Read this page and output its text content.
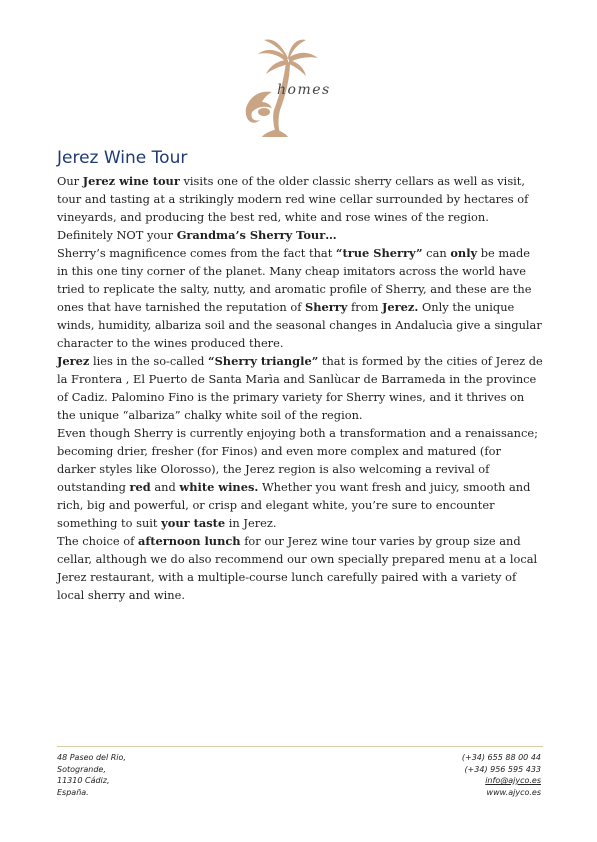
homes
Jerez Wine Tour

Our Jerez wine tour visits one of the older classic sherry cellars as well as visit, tour and tasting at a strikingly modern red wine cellar surrounded by hectares of vineyards, and producing the best red, white and rose wines of the region. Definitely NOT your Grandma’s Sherry Tour…

Sherry’s magnificence comes from the fact that “true Sherry” can only be made in this one tiny corner of the planet. Many cheap imitators across the world have tried to replicate the salty, nutty, and aromatic profile of Sherry, and these are the ones that have tarnished the reputation of Sherry from Jerez. Only the unique winds, humidity, albariza soil and the seasonal changes in Andalucìa give a singular character to the wines produced there.

Jerez lies in the so-called “Sherry triangle” that is formed by the cities of Jerez de la Frontera , El Puerto de Santa Marìa and Sanlùcar de Barrameda in the province of Cadiz. Palomino Fino is the primary variety for Sherry wines, and it thrives on the unique “albariza” chalky white soil of the region.

Even though Sherry is currently enjoying both a transformation and a renaissance; becoming drier, fresher (for Finos) and even more complex and matured (for darker styles like Olorosso), the Jerez region is also welcoming a revival of outstanding red and white wines. Whether you want fresh and juicy, smooth and rich, big and powerful, or crisp and elegant white, you’re sure to encounter something to suit your taste in Jerez.

The choice of afternoon lunch for our Jerez wine tour varies by group size and cellar, although we do also recommend our own specially prepared menu at a local Jerez restaurant, with a multiple-course lunch carefully paired with a variety of local sherry and wine.

48 Paseo del Rio,
Sotogrande,
11310 Cádiz,
España.
(+34) 655 88 00 44
(+34) 956 595 433
info@ajyco.es
www.ajyco.es
